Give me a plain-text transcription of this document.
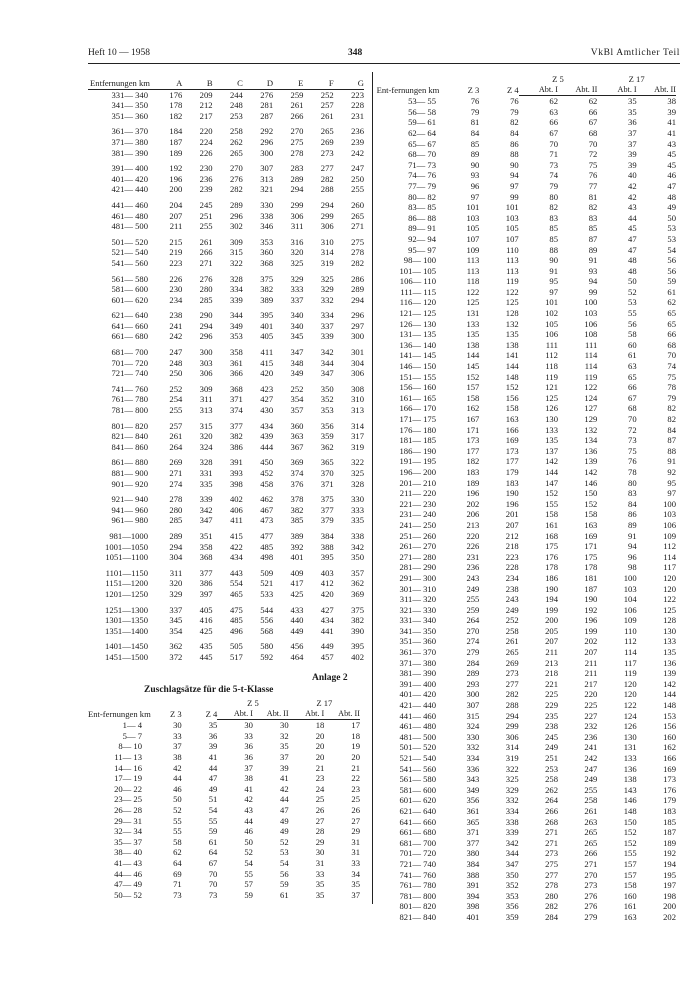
Heft 10 — 1958	348	VkBl Amtlicher Teil
Entfernungen km	A	B	C	D	E	F	G
331— 340	176	209	244	276	259	252	223
341— 350	178	212	248	281	261	257	228
351— 360	182	217	253	287	266	261	231

361— 370	184	220	258	292	270	265	236
371— 380	187	224	262	296	275	269	239
381— 390	189	226	265	300	278	273	242

391— 400	192	230	270	307	283	277	247
401— 420	196	236	276	313	289	282	250
421— 440	200	239	282	321	294	288	255

441— 460	204	245	289	330	299	294	260
461— 480	207	251	296	338	306	299	265
481— 500	211	255	302	346	311	306	271

501— 520	215	261	309	353	316	310	275
521— 540	219	266	315	360	320	314	278
541— 560	223	271	322	368	325	319	282

561— 580	226	276	328	375	329	325	286
581— 600	230	280	334	382	333	329	289
601— 620	234	285	339	389	337	332	294

621— 640	238	290	344	395	340	334	296
641— 660	241	294	349	401	340	337	297
661— 680	242	296	353	405	345	339	300

681— 700	247	300	358	411	347	342	301
701— 720	248	303	361	415	348	344	304
721— 740	250	306	366	420	349	347	306

741— 760	252	309	368	423	252	350	308
761— 780	254	311	371	427	354	352	310
781— 800	255	313	374	430	357	353	313

801— 820	257	315	377	434	360	356	314
821— 840	261	320	382	439	363	359	317
841— 860	264	324	386	444	367	362	319

861— 880	269	328	391	450	369	365	322
881— 900	271	331	393	452	374	370	325
901— 920	274	335	398	458	376	371	328

921— 940	278	339	402	462	378	375	330
941— 960	280	342	406	467	382	377	333
961— 980	285	347	411	473	385	379	335

981—1000	289	351	415	477	389	384	338
1001—1050	294	358	422	485	392	388	342
1051—1100	304	368	434	498	401	395	350

1101—1150	311	377	443	509	409	403	357
1151—1200	320	386	554	521	417	412	362
1201—1250	329	397	465	533	425	420	369

1251—1300	337	405	475	544	433	427	375
1301—1350	345	416	485	556	440	434	382
1351—1400	354	425	496	568	449	441	390

1401—1450	362	435	505	580	456	449	395
1451—1500	372	445	517	592	464	457	402
Anlage 2
Zuschlagsätze für die 5-t-Klasse
Ent-fernungen km	Z 3	Z 4	Z 5		Z 17	
			Abt. I	Abt. II	Abt. I	Abt. II
1— 4	30	35	30	30	18	17
5— 7	33	36	33	32	20	18
8— 10	37	39	36	35	20	19
11— 13	38	41	36	37	20	20
14— 16	42	44	37	39	21	21
17— 19	44	47	38	41	23	22
20— 22	46	49	41	42	24	23
23— 25	50	51	42	44	25	25
26— 28	52	54	43	47	26	26
29— 31	55	55	44	49	27	27
32— 34	55	59	46	49	28	29
35— 37	58	61	50	52	29	31
38— 40	62	64	52	53	30	31
41— 43	64	67	54	54	31	33
44— 46	69	70	55	56	33	34
47— 49	71	70	57	59	35	35
50— 52	73	73	59	61	35	37
Ent-fernungen km	Z 3	Z 4	Z 5		Z 17	
			Abt. I	Abt. II	Abt. I	Abt. II
53— 55	76	76	62	62	35	38
56— 58	79	79	63	66	35	39
59— 61	81	82	66	67	36	41
62— 64	84	84	67	68	37	41
65— 67	85	86	70	70	37	43
68— 70	89	88	71	72	39	45
71— 73	90	90	73	75	39	45
74— 76	93	94	74	76	40	46
77— 79	96	97	79	77	42	47
80— 82	97	99	80	81	42	48
83— 85	101	101	82	82	43	49
86— 88	103	103	83	83	44	50
89— 91	105	105	85	85	45	53
92— 94	107	107	85	87	47	53
95— 97	109	110	88	89	47	54
98— 100	113	113	90	91	48	56
101— 105	113	113	91	93	48	56
106— 110	118	119	95	94	50	59
111— 115	122	122	97	99	52	61
116— 120	125	125	101	100	53	62
121— 125	131	128	102	103	55	65
126— 130	133	132	105	106	56	65
131— 135	135	135	106	108	58	66
136— 140	138	138	111	111	60	68
141— 145	144	141	112	114	61	70
146— 150	145	144	118	114	63	74
151— 155	152	148	119	119	65	75
156— 160	157	152	121	122	66	78
161— 165	158	156	125	124	67	79
166— 170	162	158	126	127	68	82
171— 175	167	163	130	129	70	82
176— 180	171	166	133	132	72	84
181— 185	173	169	135	134	73	87
186— 190	177	173	137	136	75	88
191— 195	182	177	142	139	76	91
196— 200	183	179	144	142	78	92
201— 210	189	183	147	146	80	95
211— 220	196	190	152	150	83	97
221— 230	202	196	155	152	84	100
231— 240	206	201	158	158	86	103
241— 250	213	207	161	163	89	106
251— 260	220	212	168	169	91	109
261— 270	226	218	175	171	94	112
271— 280	231	223	176	175	96	114
281— 290	236	228	178	178	98	117
291— 300	243	234	186	181	100	120
301— 310	249	238	190	187	103	120
311— 320	255	243	194	190	104	122
321— 330	259	249	199	192	106	125
331— 340	264	252	200	196	109	128
341— 350	270	258	205	199	110	130
351— 360	274	261	207	202	112	133
361— 370	279	265	211	207	114	135
371— 380	284	269	213	211	117	136
381— 390	289	273	218	211	119	139
391— 400	293	277	221	217	120	142
401— 420	300	282	225	220	120	144
421— 440	307	288	229	225	122	148
441— 460	315	294	235	227	124	153
461— 480	324	299	238	232	126	156
481— 500	330	306	245	236	130	160
501— 520	332	314	249	241	131	162
521— 540	334	319	251	242	133	166
541— 560	336	322	253	247	136	169
561— 580	343	325	258	249	138	173
581— 600	349	329	262	255	143	176
601— 620	356	332	264	258	146	179
621— 640	361	334	266	261	148	183
641— 660	365	338	268	263	150	185
661— 680	371	339	271	265	152	187
681— 700	377	342	271	265	152	189
701— 720	380	344	273	266	155	192
721— 740	384	347	275	271	157	194
741— 760	388	350	277	270	157	195
761— 780	391	352	278	273	158	197
781— 800	394	353	280	276	160	198
801— 820	398	356	282	276	161	200
821— 840	401	359	284	279	163	202
